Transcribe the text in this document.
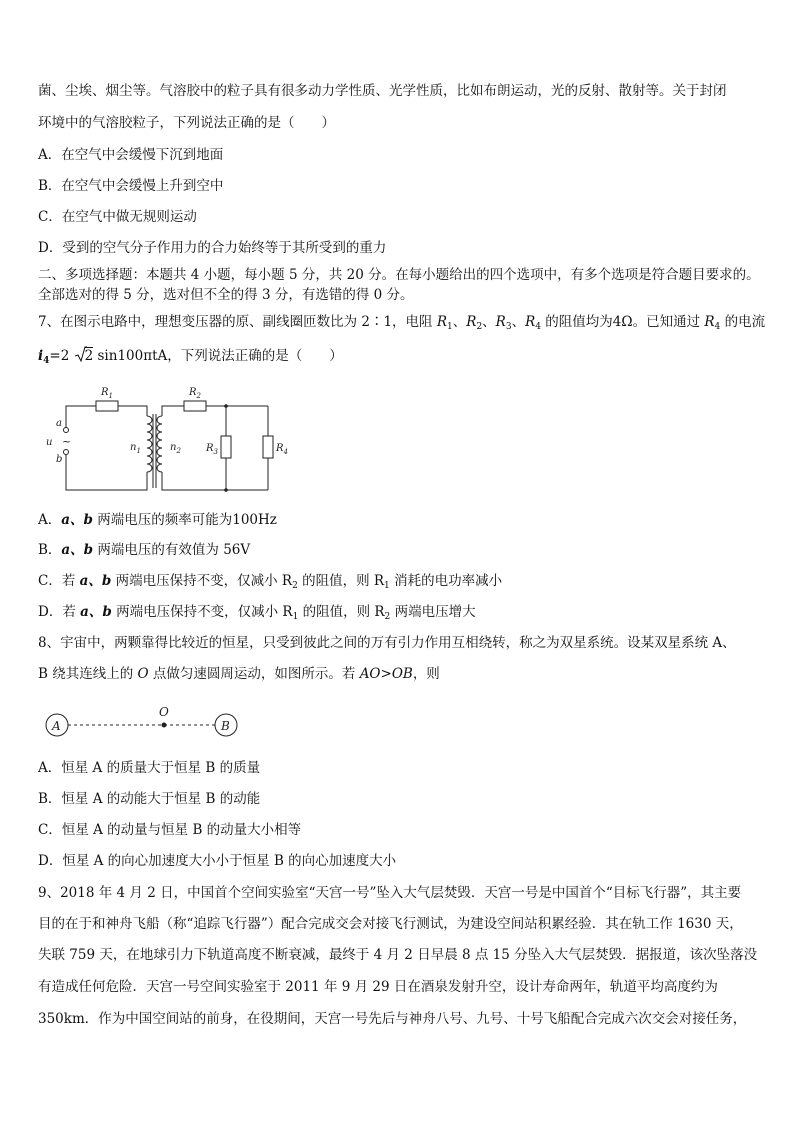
菌、尘埃、烟尘等。气溶胶中的粒子具有很多动力学性质、光学性质，比如布朗运动，光的反射、散射等。关于封闭
环境中的气溶胶粒子，下列说法正确的是（　　）
A．在空气中会缓慢下沉到地面
B．在空气中会缓慢上升到空中
C．在空气中做无规则运动
D．受到的空气分子作用力的合力始终等于其所受到的重力
二、多项选择题：本题共 4 小题，每小题 5 分，共 20 分。在每小题给出的四个选项中，有多个选项是符合题目要求的。
全部选对的得 5 分，选对但不全的得 3 分，有选错的得 0 分。
7、在图示电路中，理想变压器的原、副线圈匝数比为 2∶1，电阻 $R_1$、$R_2$、$R_3$、$R_4$ 的阻值均为4Ω。已知通过 $R_4$ 的电流
$i_4=2$ 2 sin100πtA，下列说法正确的是（　　）
$R_1$	$R_2$
$R_3$	$R_4$
$n_1$	$n_2$
a
b
u ~
A．a、b 两端电压的频率可能为100Hz
B．a、b 两端电压的有效值为 56V
C．若 a、b 两端电压保持不变，仅减小 $R_2$ 的阻值，则 $R_1$ 消耗的电功率减小
D．若 a、b 两端电压保持不变，仅减小 $R_1$ 的阻值，则 $R_2$ 两端电压增大
8、宇宙中，两颗靠得比较近的恒星，只受到彼此之间的万有引力作用互相绕转，称之为双星系统。设某双星系统 A、
B 绕其连线上的 O 点做匀速圆周运动，如图所示。若 AO>OB，则
A
O
B
A．恒星 A 的质量大于恒星 B 的质量
B．恒星 A 的动能大于恒星 B 的动能
C．恒星 A 的动量与恒星 B 的动量大小相等
D．恒星 A 的向心加速度大小小于恒星 B 的向心加速度大小
9、2018 年 4 月 2 日，中国首个空间实验室“天宫一号”坠入大气层焚毁．天宫一号是中国首个“目标飞行器”，其主要
目的在于和神舟飞船（称“追踪飞行器”）配合完成交会对接飞行测试，为建设空间站积累经验．其在轨工作 1630 天，
失联 759 天，在地球引力下轨道高度不断衰减，最终于 4 月 2 日早晨 8 点 15 分坠入大气层焚毁．据报道，该次坠落没
有造成任何危险．天宫一号空间实验室于 2011 年 9 月 29 日在酒泉发射升空，设计寿命两年，轨道平均高度约为
350km．作为中国空间站的前身，在役期间，天宫一号先后与神舟八号、九号、十号飞船配合完成六次交会对接任务，
